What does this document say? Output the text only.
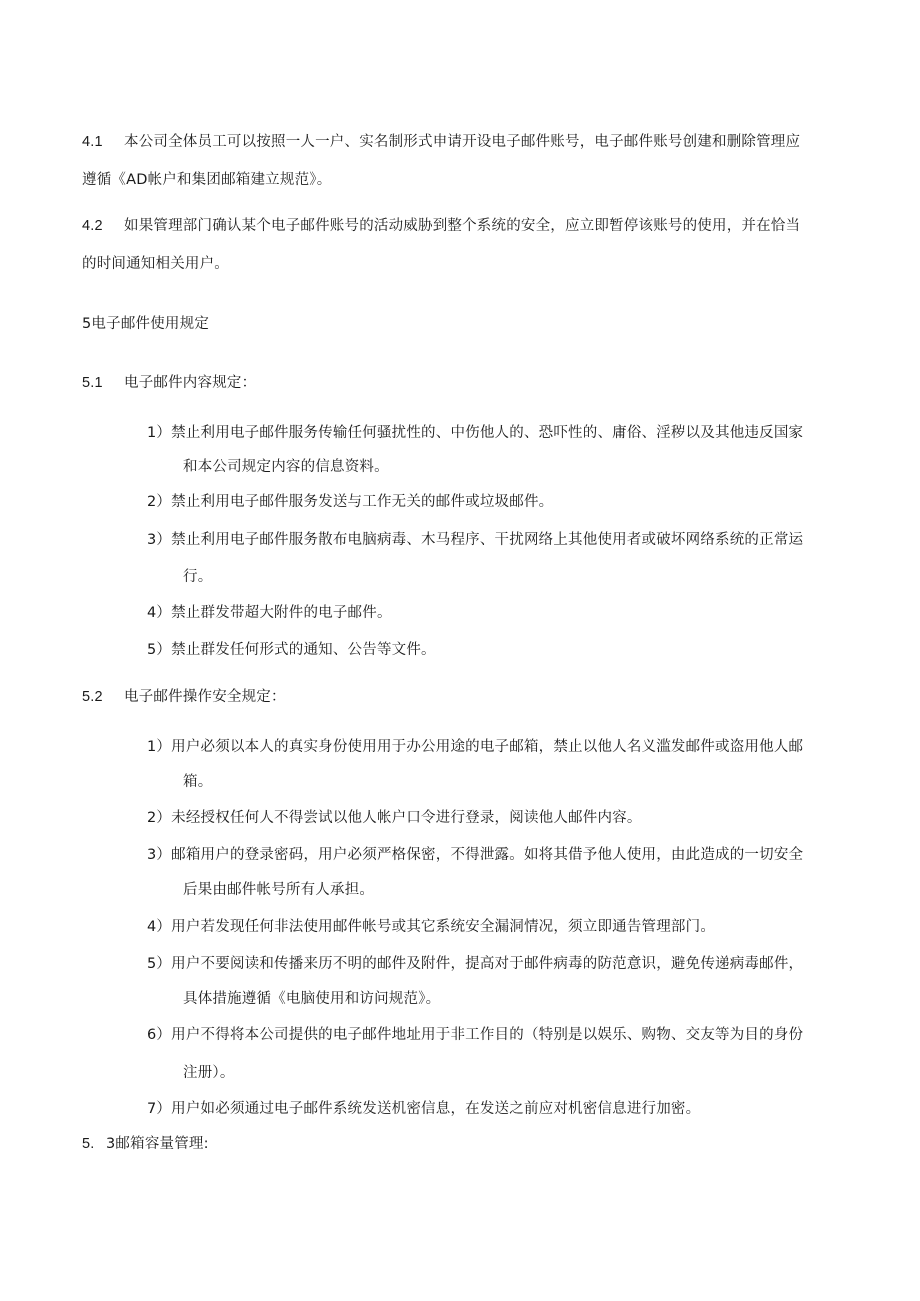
4.1 本公司全体员工可以按照一人一户、实名制形式申请开设电子邮件账号，电子邮件账号创建和删除管理应
遵循《AD帐户和集团邮箱建立规范》。
4.2 如果管理部门确认某个电子邮件账号的活动威胁到整个系统的安全，应立即暂停该账号的使用，并在恰当
的时间通知相关用户。
5电子邮件使用规定
5.1 电子邮件内容规定：
1）禁止利用电子邮件服务传输任何骚扰性的、中伤他人的、恐吓性的、庸俗、淫秽以及其他违反国家
和本公司规定内容的信息资料。
2）禁止利用电子邮件服务发送与工作无关的邮件或垃圾邮件。
3）禁止利用电子邮件服务散布电脑病毒、木马程序、干扰网络上其他使用者或破坏网络系统的正常运
行。
4）禁止群发带超大附件的电子邮件。
5）禁止群发任何形式的通知、公告等文件。
5.2 电子邮件操作安全规定：
1）用户必须以本人的真实身份使用用于办公用途的电子邮箱，禁止以他人名义滥发邮件或盗用他人邮
箱。
2）未经授权任何人不得尝试以他人帐户口令进行登录，阅读他人邮件内容。
3）邮箱用户的登录密码，用户必须严格保密，不得泄露。如将其借予他人使用，由此造成的一切安全
后果由邮件帐号所有人承担。
4）用户若发现任何非法使用邮件帐号或其它系统安全漏洞情况，须立即通告管理部门。
5）用户不要阅读和传播来历不明的邮件及附件，提高对于邮件病毒的防范意识，避免传递病毒邮件，
具体措施遵循《电脑使用和访问规范》。
6）用户不得将本公司提供的电子邮件地址用于非工作目的（特别是以娱乐、购物、交友等为目的身份
注册）。
7）用户如必须通过电子邮件系统发送机密信息，在发送之前应对机密信息进行加密。
5. 3邮箱容量管理:
